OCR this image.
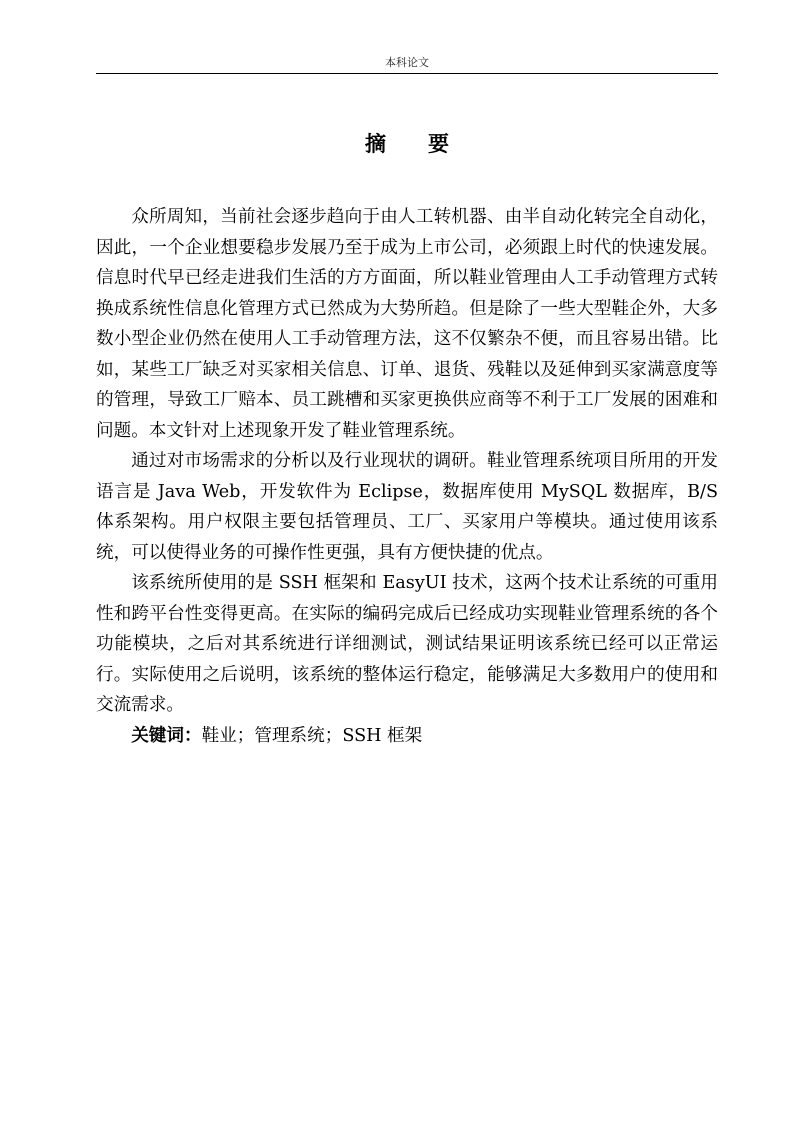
本科论文
摘要

众所周知，当前社会逐步趋向于由人工转机器、由半自动化转完全自动化，因此，一个企业想要稳步发展乃至于成为上市公司，必须跟上时代的快速发展。信息时代早已经走进我们生活的方方面面，所以鞋业管理由人工手动管理方式转换成系统性信息化管理方式已然成为大势所趋。但是除了一些大型鞋企外，大多数小型企业仍然在使用人工手动管理方法，这不仅繁杂不便，而且容易出错。比如，某些工厂缺乏对买家相关信息、订单、退货、残鞋以及延伸到买家满意度等的管理，导致工厂赔本、员工跳槽和买家更换供应商等不利于工厂发展的困难和问题。本文针对上述现象开发了鞋业管理系统。

通过对市场需求的分析以及行业现状的调研。鞋业管理系统项目所用的开发语言是 Java Web，开发软件为 Eclipse，数据库使用 MySQL 数据库，B/S 体系架构。用户权限主要包括管理员、工厂、买家用户等模块。通过使用该系统，可以使得业务的可操作性更强，具有方便快捷的优点。

该系统所使用的是 SSH 框架和 EasyUI 技术，这两个技术让系统的可重用性和跨平台性变得更高。在实际的编码完成后已经成功实现鞋业管理系统的各个功能模块，之后对其系统进行详细测试，测试结果证明该系统已经可以正常运行。实际使用之后说明，该系统的整体运行稳定，能够满足大多数用户的使用和交流需求。

关键词：鞋业；管理系统；SSH 框架
